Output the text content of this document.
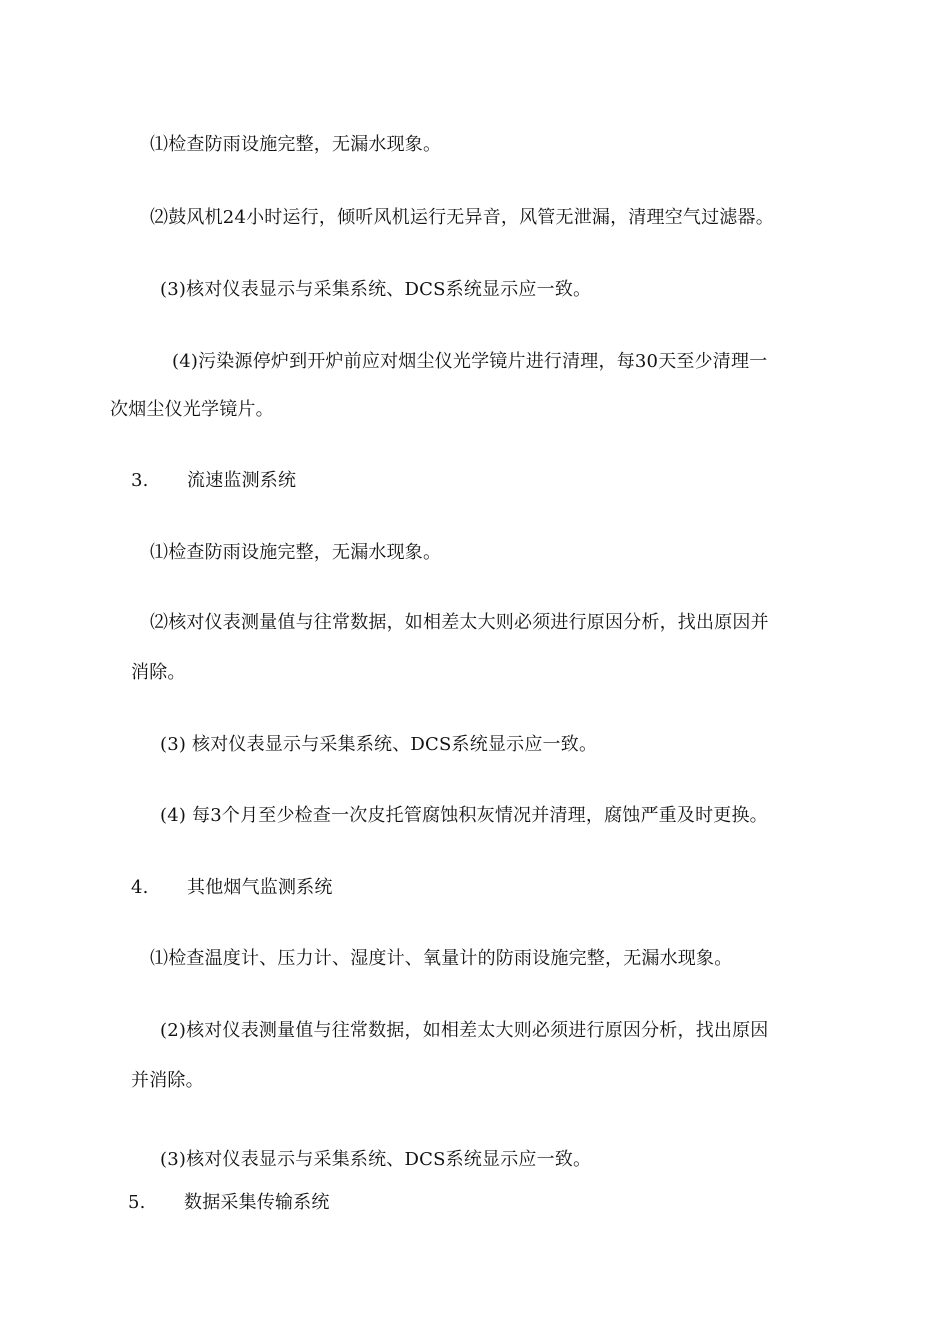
⑴检查防雨设施完整，无漏水现象。
⑵鼓风机24小时运行，倾听风机运行无异音，风管无泄漏，清理空气过滤器。
(3)核对仪表显示与采集系统、DCS系统显示应一致。
(4)污染源停炉到开炉前应对烟尘仪光学镜片进行清理，每30天至少清理一
次烟尘仪光学镜片。
3. 流速监测系统
⑴检查防雨设施完整，无漏水现象。
⑵核对仪表测量值与往常数据，如相差太大则必须进行原因分析，找出原因并
消除。
(3) 核对仪表显示与采集系统、DCS系统显示应一致。
(4) 每3个月至少检查一次皮托管腐蚀积灰情况并清理，腐蚀严重及时更换。
4. 其他烟气监测系统
⑴检查温度计、压力计、湿度计、氧量计的防雨设施完整，无漏水现象。
(2)核对仪表测量值与往常数据，如相差太大则必须进行原因分析，找出原因
并消除。
(3)核对仪表显示与采集系统、DCS系统显示应一致。
5. 数据采集传输系统
